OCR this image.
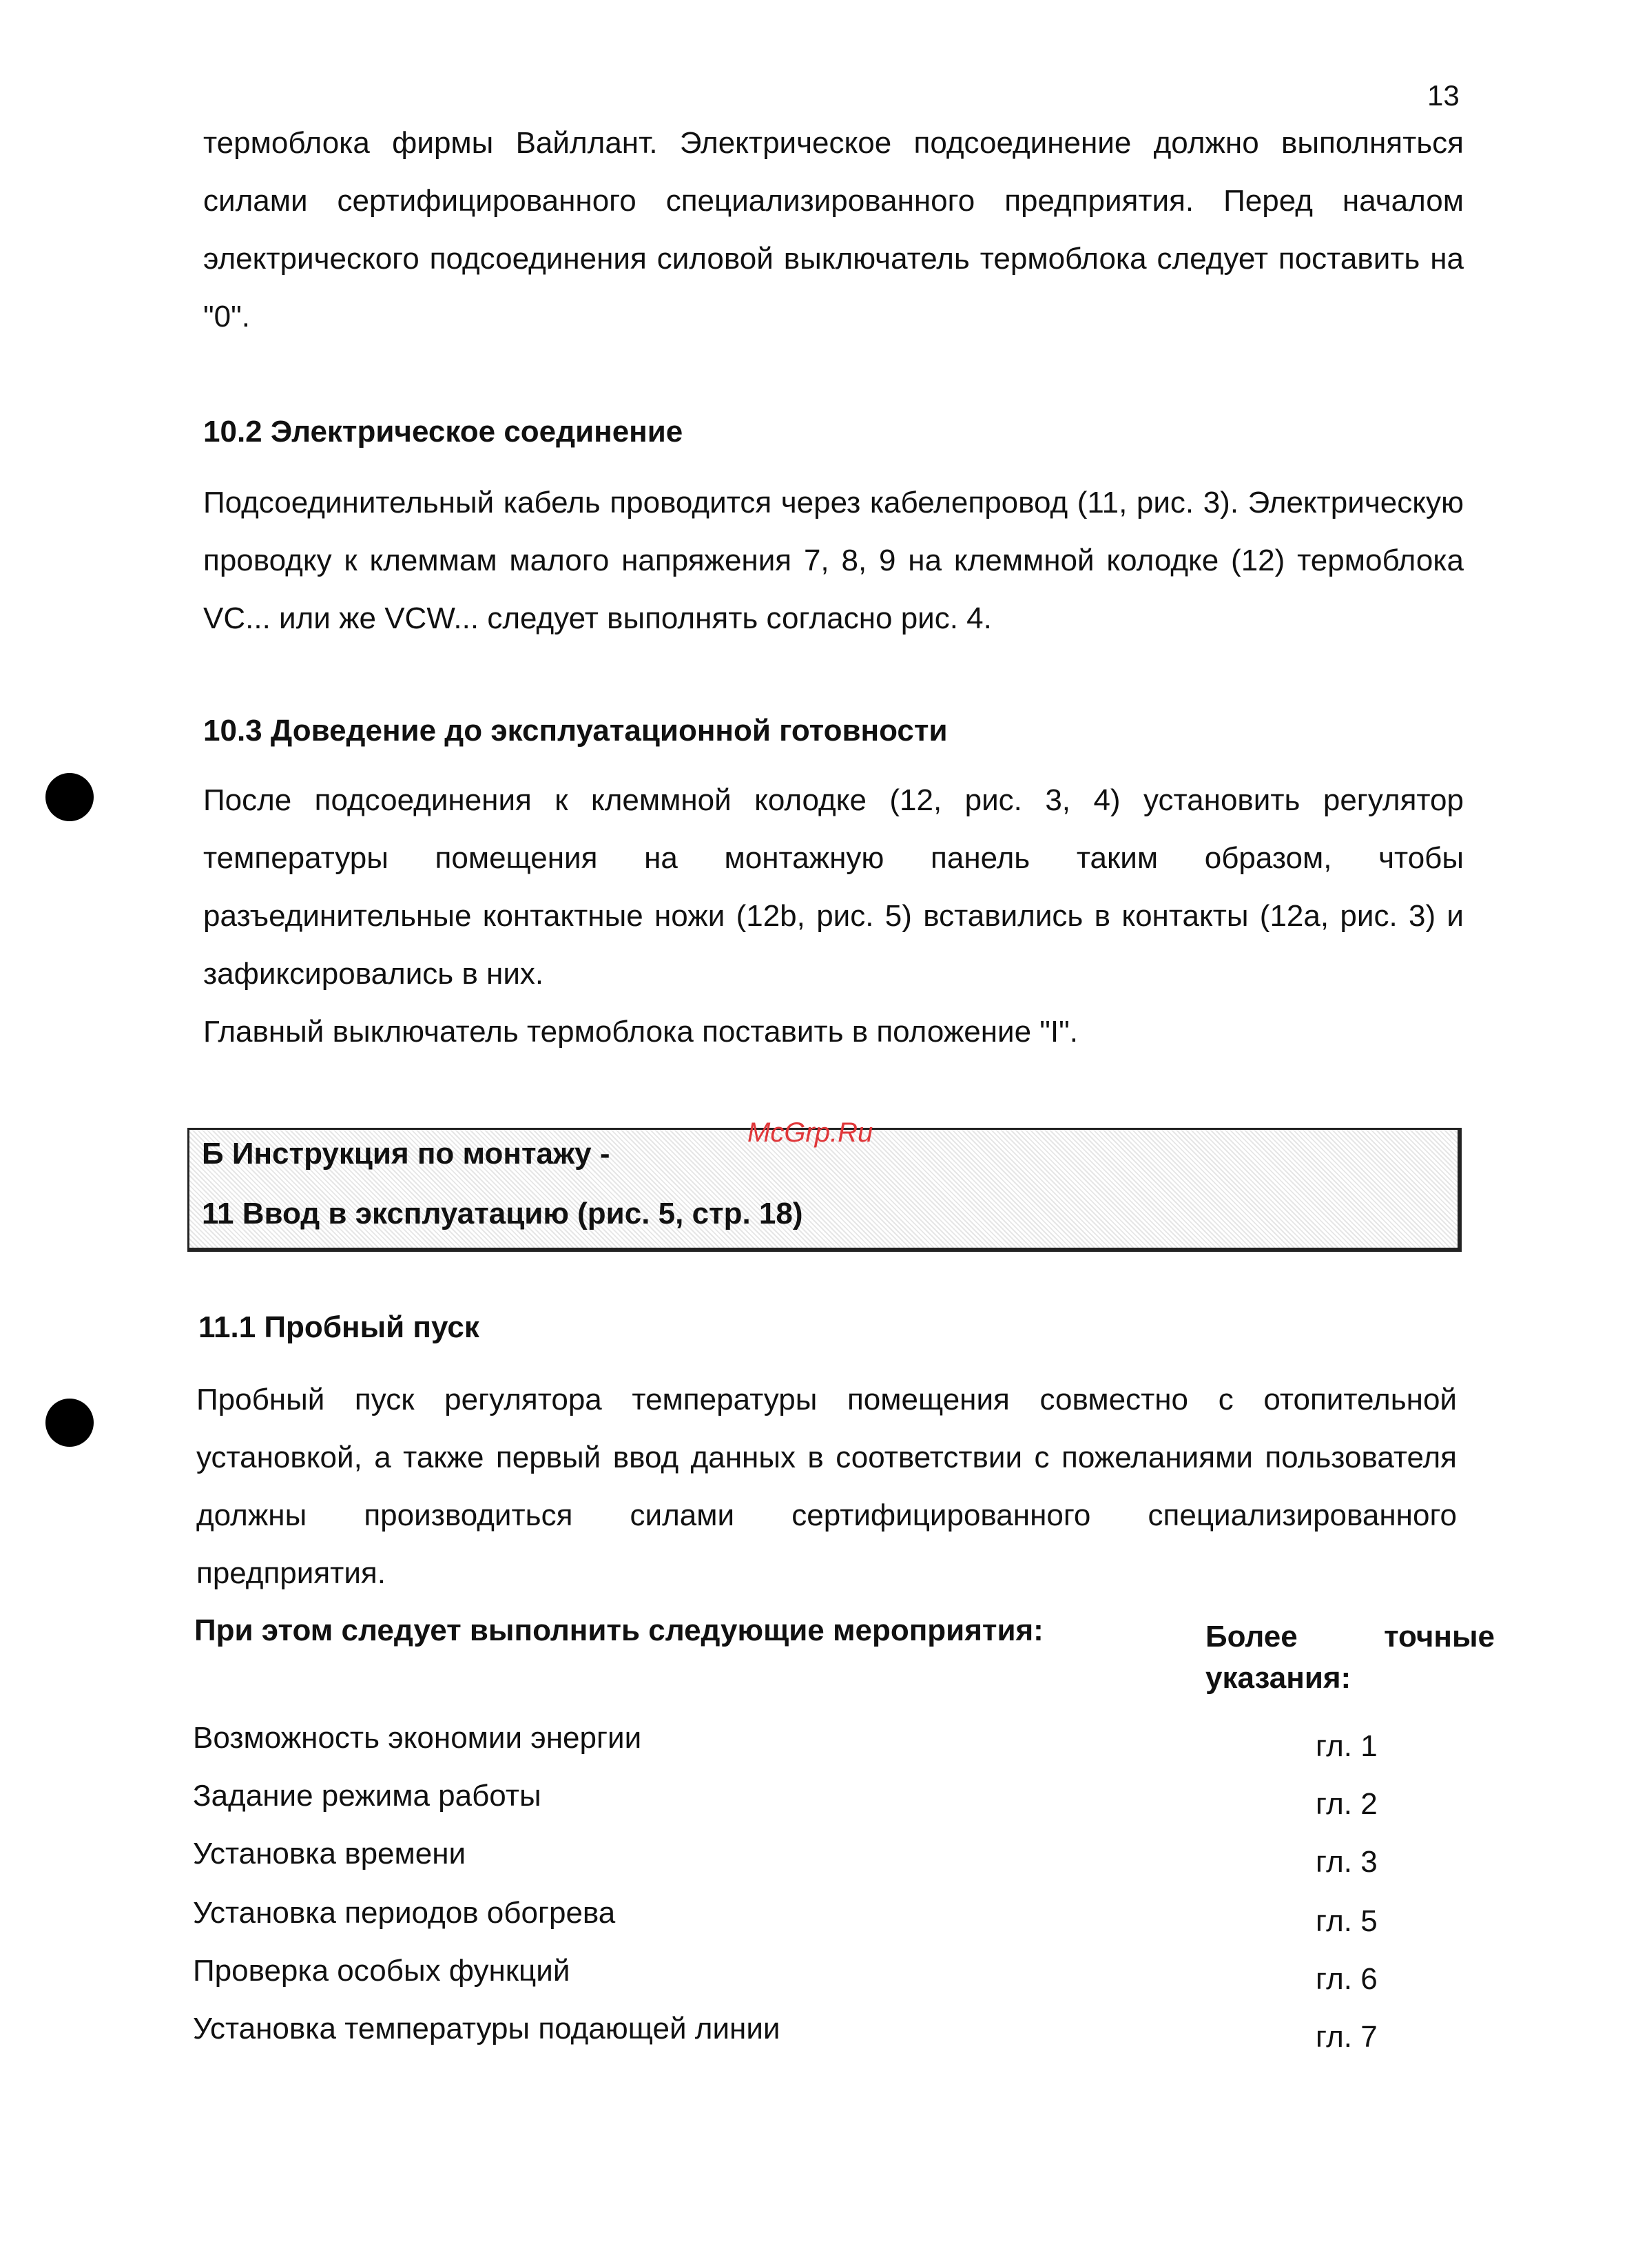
13

термоблока фирмы Вайллант. Электрическое подсоединение должно выполняться силами сертифицированного специализированного предприятия. Перед началом электрического подсоединения силовой выключатель термоблока следует поставить на "0".

10.2 Электрическое соединение

Подсоединительный кабель проводится через кабелепровод (11, рис. 3). Электрическую проводку к клеммам малого напряжения 7, 8, 9 на клеммной колодке (12) термоблока VC... или же VCW... следует выполнять согласно рис. 4.

10.3 Доведение до эксплуатационной готовности

После подсоединения к клеммной колодке (12, рис. 3, 4) установить регулятор температуры помещения на монтажную панель таким образом, чтобы разъединительные контактные ножи (12b, рис. 5) вставились в контакты (12a, рис. 3) и зафиксировались в них.

Главный выключатель термоблока поставить в положение "I".

Б Инструкция по монтажу -

11 Ввод в эксплуатацию (рис. 5, стр. 18)

McGrp.Ru
11.1 Пробный пуск

Пробный пуск регулятора температуры помещения совместно с отопительной установкой, а также первый ввод данных в соответствии с пожеланиями пользователя должны производиться силами сертифицированного специализированного предприятия.

При этом следует выполнить следующие мероприятия:	Более точные
указания:

Возможность экономии энергии	гл. 1
Задание режима работы	гл. 2
Установка времени	гл. 3
Установка периодов обогрева	гл. 5
Проверка особых функций	гл. 6
Установка температуры подающей линии	гл. 7
